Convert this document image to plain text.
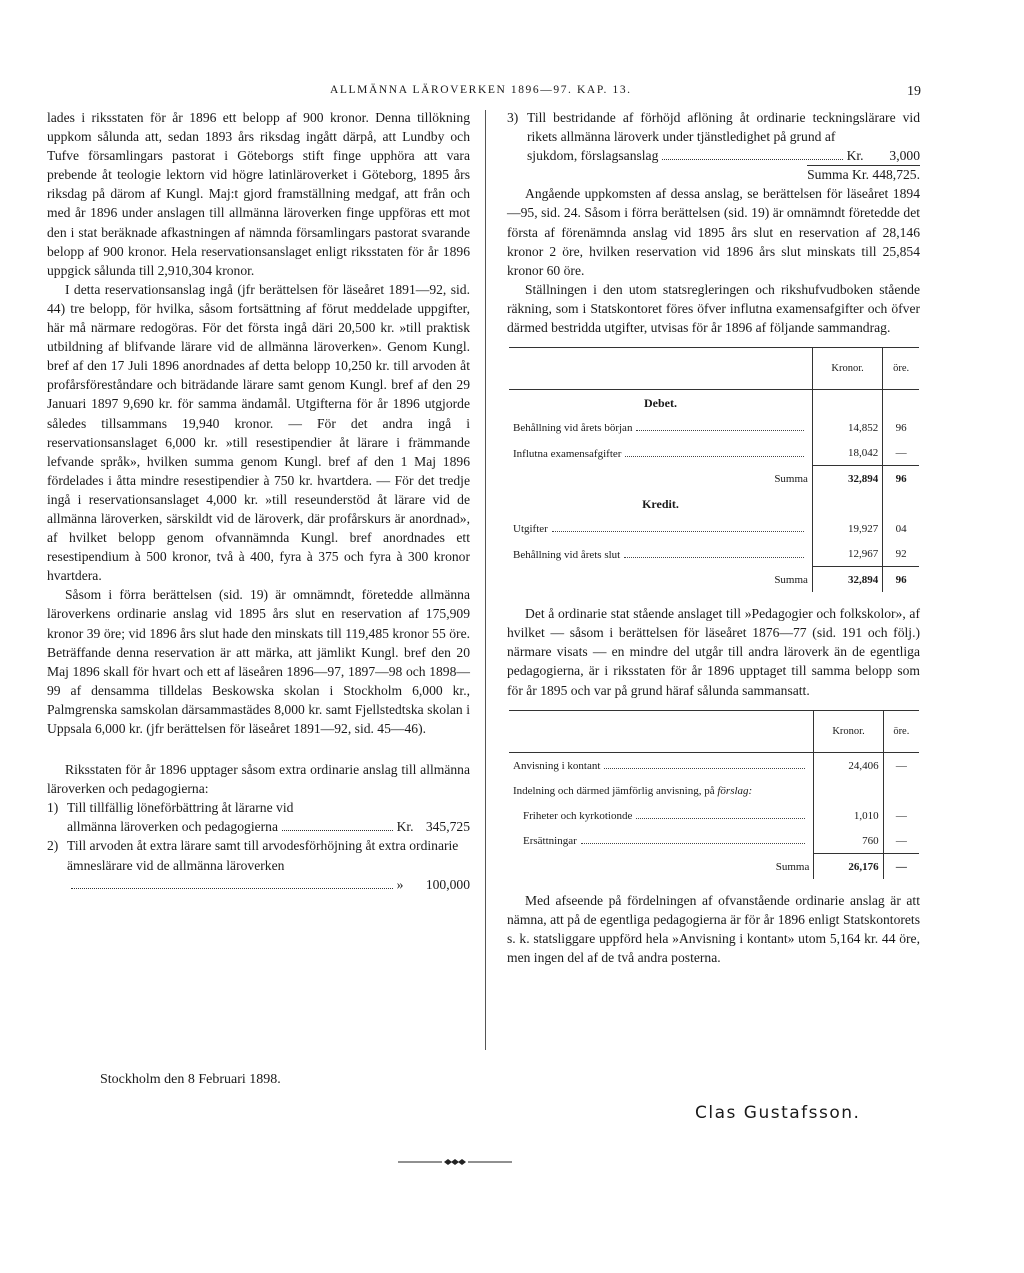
ALLMÄNNA LÄROVERKEN 1896—97. KAP. 13.	19

lades i riksstaten för år 1896 ett belopp af 900 kronor. Denna tillökning uppkom sålunda att, sedan 1893 års riksdag ingått därpå, att Lundby och Tufve församlingars pastorat i Göteborgs stift finge upphöra att vara prebende åt teologie lektorn vid högre latinläroverket i Göteborg, 1895 års riksdag på därom af Kungl. Maj:t gjord framställning medgaf, att från och med år 1896 under anslagen till allmänna läroverken finge uppföras ett mot den i stat beräknade afkastningen af nämnda församlingars pastorat svarande belopp af 900 kronor. Hela reservationsanslaget enligt riksstaten för år 1896 uppgick sålunda till 2,910,304 kronor.

I detta reservationsanslag ingå (jfr berättelsen för läseåret 1891—92, sid. 44) tre belopp, för hvilka, såsom fortsättning af förut meddelade uppgifter, här må närmare redogöras. För det första ingå däri 20,500 kr. »till praktisk utbildning af blifvande lärare vid de allmänna läroverken». Genom Kungl. bref af den 17 Juli 1896 anordnades af detta belopp 10,250 kr. till arvoden åt profårsföreståndare och biträdande lärare samt genom Kungl. bref af den 29 Januari 1897 9,690 kr. för samma ändamål. Utgifterna för år 1896 utgjorde således tillsammans 19,940 kronor. — För det andra ingå i reservationsanslaget 6,000 kr. »till resestipendier åt lärare i främmande lefvande språk», hvilken summa genom Kungl. bref af den 1 Maj 1896 fördelades i åtta mindre resestipendier à 750 kr. hvartdera. — För det tredje ingå i reservationsanslaget 4,000 kr. »till reseunderstöd åt lärare vid de allmänna läroverken, särskildt vid de läroverk, där profårskurs är anordnad», af hvilket belopp genom ofvannämnda Kungl. bref anordnades ett resestipendium à 500 kronor, två à 400, fyra à 375 och fyra à 300 kronor hvartdera.

Såsom i förra berättelsen (sid. 19) är omnämndt, företedde allmänna läroverkens ordinarie anslag vid 1895 års slut en reservation af 175,909 kronor 39 öre; vid 1896 års slut hade den minskats till 119,485 kronor 55 öre. Beträffande denna reservation är att märka, att jämlikt Kungl. bref den 20 Maj 1896 skall för hvart och ett af läseåren 1896—97, 1897—98 och 1898—99 af densamma tilldelas Beskowska skolan i Stockholm 6,000 kr., Palmgrenska samskolan därsammastädes 8,000 kr. samt Fjellstedtska skolan i Uppsala 6,000 kr. (jfr berättelsen för läseåret 1891—92, sid. 45—46).

Riksstaten för år 1896 upptager såsom extra ordinarie anslag till allmänna läroverken och pedagogierna:

1) Till tillfällig löneförbättring åt lärarne vid
allmänna läroverken och pedagogierna	Kr. 345,725
2) Till arvoden åt extra lärare samt till arvodesförhöjning åt extra ordinarie ämneslärare vid de allmänna läroverken
» 100,000
3) Till bestridande af förhöjd aflöning åt ordinarie teckningslärare vid rikets allmänna läroverk under tjänstledighet på grund af
sjukdom, förslagsanslag	Kr. 3,000
Summa Kr. 448,725.

Angående uppkomsten af dessa anslag, se berättelsen för läseåret 1894—95, sid. 24. Såsom i förra berättelsen (sid. 19) är omnämndt företedde det första af förenämnda anslag vid 1895 års slut en reservation af 28,146 kronor 2 öre, hvilken reservation vid 1896 års slut minskats till 25,854 kronor 60 öre.

Ställningen i den utom statsregleringen och rikshufvudboken stående räkning, som i Statskontoret föres öfver influtna examensafgifter och öfver därmed bestridda utgifter, utvisas för år 1896 af följande sammandrag.

	Kronor.	öre.
Debet.		

Behållning vid årets början	14,852	96

Influtna examensafgifter	18,042	—
Summa	32,894	96
Kredit.		

Utgifter	19,927	04

Behållning vid årets slut	12,967	92
Summa	32,894	96

Det å ordinarie stat stående anslaget till »Pedagogier och folkskolor», af hvilket — såsom i berättelsen för läseåret 1876—77 (sid. 191 och följ.) närmare visats — en mindre del utgår till andra läroverk än de egentliga pedagogierna, är i riksstaten för år 1896 upptaget till samma belopp som för år 1895 och var på grund häraf sålunda sammansatt.

	Kronor.	öre.

Anvisning i kontant	24,406	—
Indelning och därmed jämförlig anvisning, på förslag:		

Friheter och kyrkotionde	1,010	—

Ersättningar	760	—
Summa	26,176	—

Med afseende på fördelningen af ofvanstående ordinarie anslag är att nämna, att på de egentliga pedagogierna är för år 1896 enligt Statskontorets s. k. statsliggare uppförd hela »Anvisning i kontant» utom 5,164 kr. 44 öre, men ingen del af de två andra posterna.

Stockholm den 8 Februari 1898.
Clas Gustafsson.
